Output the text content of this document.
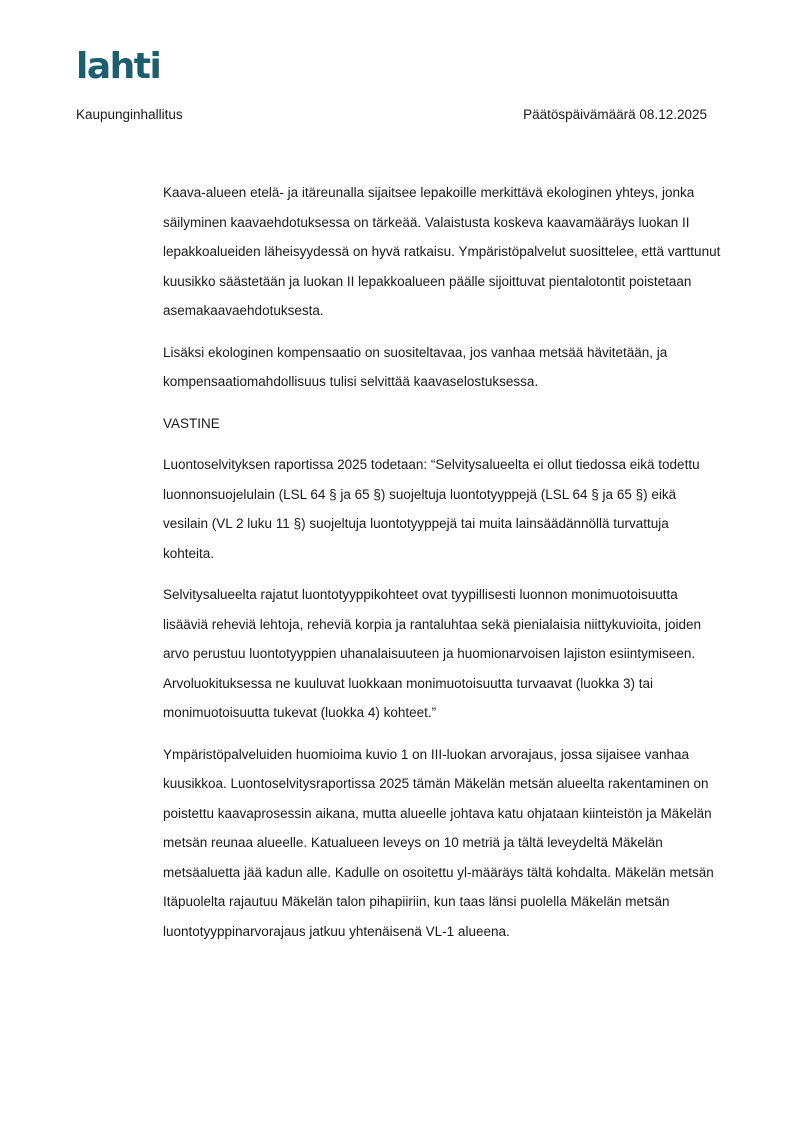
lahti
Kaupunginhallitus	Päätöspäivämäärä 08.12.2025

Kaava-alueen etelä- ja itäreunalla sijaitsee lepakoille merkittävä ekologinen yhteys, jonka säilyminen kaavaehdotuksessa on tärkeää. Valaistusta koskeva kaavamääräys luokan II lepakkoalueiden läheisyydessä on hyvä ratkaisu. Ympäristöpalvelut suosittelee, että varttunut kuusikko säästetään ja luokan II lepakkoalueen päälle sijoittuvat pientalotontit poistetaan asemakaavaehdotuksesta.

Lisäksi ekologinen kompensaatio on suositeltavaa, jos vanhaa metsää hävitetään, ja kompensaatiomahdollisuus tulisi selvittää kaavaselostuksessa.

VASTINE

Luontoselvityksen raportissa 2025 todetaan: “Selvitysalueelta ei ollut tiedossa eikä todettu luonnonsuojelulain (LSL 64 § ja 65 §) suojeltuja luontotyyppejä (LSL 64 § ja 65 §) eikä vesilain (VL 2 luku 11 §) suojeltuja luontotyyppejä tai muita lainsäädännöllä turvattuja kohteita.

Selvitysalueelta rajatut luontotyyppikohteet ovat tyypillisesti luonnon monimuotoisuutta lisääviä reheviä lehtoja, reheviä korpia ja rantaluhtaa sekä pienialaisia niittykuvioita, joiden arvo perustuu luontotyyppien uhanalaisuuteen ja huomionarvoisen lajiston esiintymiseen. Arvoluokituksessa ne kuuluvat luokkaan monimuotoisuutta turvaavat (luokka 3) tai monimuotoisuutta tukevat (luokka 4) kohteet.”

Ympäristöpalveluiden huomioima kuvio 1 on III-luokan arvorajaus, jossa sijaisee vanhaa kuusikkoa. Luontoselvitysraportissa 2025 tämän Mäkelän metsän alueelta rakentaminen on poistettu kaavaprosessin aikana, mutta alueelle johtava katu ohjataan kiinteistön ja Mäkelän metsän reunaa alueelle. Katualueen leveys on 10 metriä ja tältä leveydeltä Mäkelän metsäaluetta jää kadun alle. Kadulle on osoitettu yl-määräys tältä kohdalta. Mäkelän metsän Itäpuolelta rajautuu Mäkelän talon pihapiiriin, kun taas länsi puolella Mäkelän metsän luontotyyppinarvorajaus jatkuu yhtenäisenä VL-1 alueena.
